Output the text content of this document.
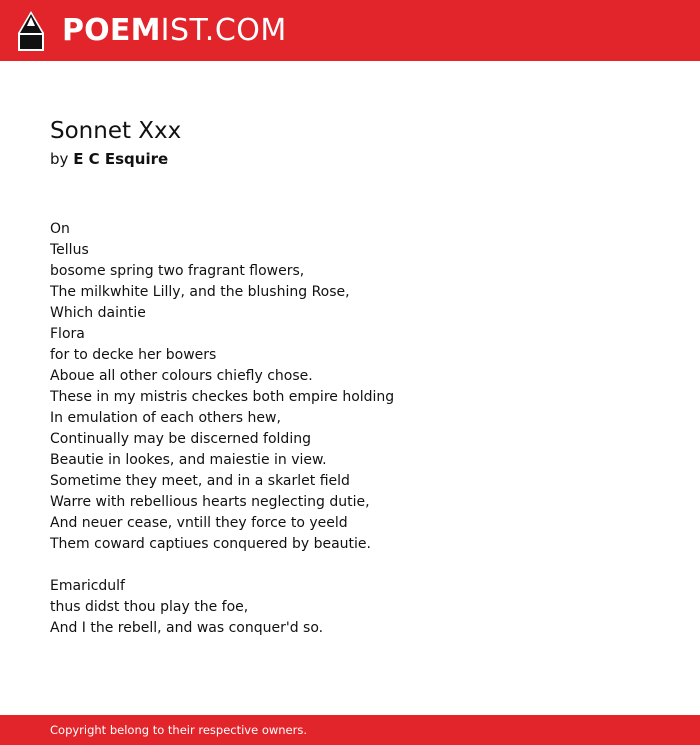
POEMIST.COM
Sonnet Xxx
by E C Esquire
On
Tellus
bosome spring two fragrant flowers,
The milkwhite Lilly, and the blushing Rose,
Which daintie
Flora
for to decke her bowers
Aboue all other colours chiefly chose.
These in my mistris checkes both empire holding
In emulation of each others hew,
Continually may be discerned folding
Beautie in lookes, and maiestie in view.
Sometime they meet, and in a skarlet field
Warre with rebellious hearts neglecting dutie,
And neuer cease, vntill they force to yeeld
Them coward captiues conquered by beautie.
Emaricdulf
thus didst thou play the foe,
And I the rebell, and was conquer'd so.
Copyright belong to their respective owners.
